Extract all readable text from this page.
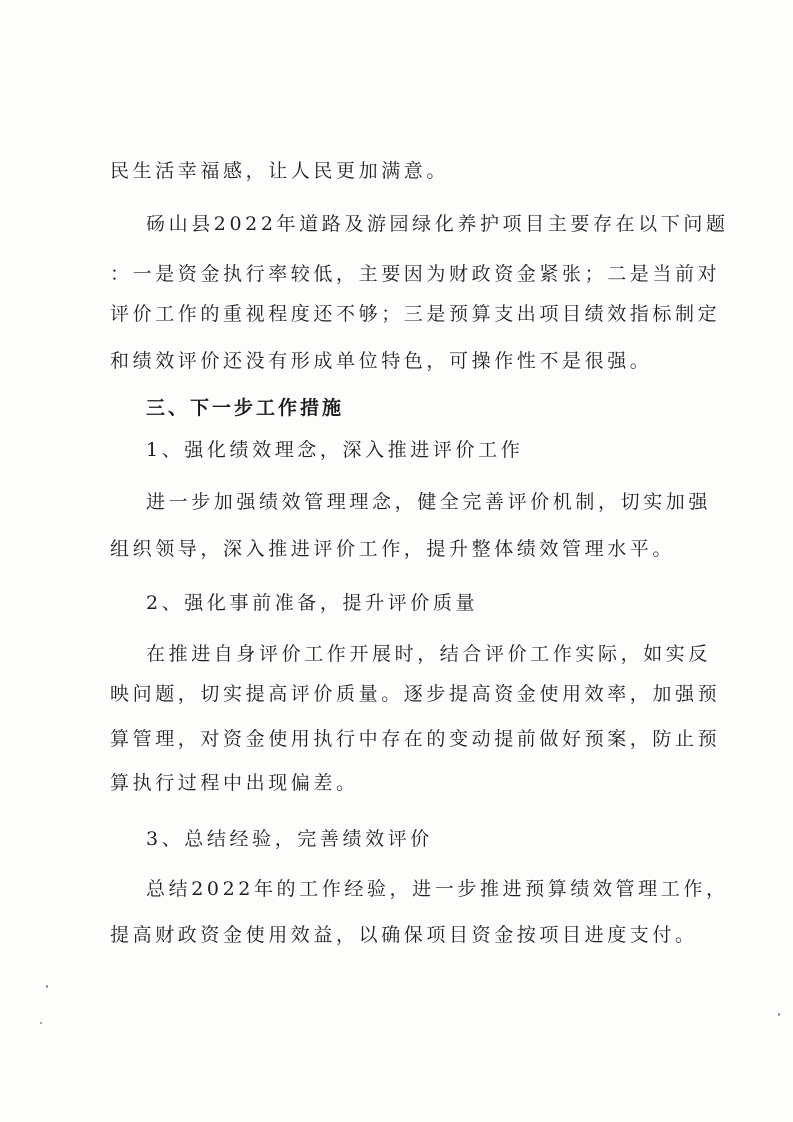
民生活幸福感，让人民更加满意。

砀山县2022年道路及游园绿化养护项目主要存在以下问题

：一是资金执行率较低，主要因为财政资金紧张；二是当前对

评价工作的重视程度还不够；三是预算支出项目绩效指标制定

和绩效评价还没有形成单位特色，可操作性不是很强。

三、下一步工作措施

1、强化绩效理念，深入推进评价工作

进一步加强绩效管理理念，健全完善评价机制，切实加强

组织领导，深入推进评价工作，提升整体绩效管理水平。

2、强化事前准备，提升评价质量

在推进自身评价工作开展时，结合评价工作实际，如实反

映问题，切实提高评价质量。逐步提高资金使用效率，加强预

算管理，对资金使用执行中存在的变动提前做好预案，防止预

算执行过程中出现偏差。

3、总结经验，完善绩效评价

总结2022年的工作经验，进一步推进预算绩效管理工作，

提高财政资金使用效益，以确保项目资金按项目进度支付。
